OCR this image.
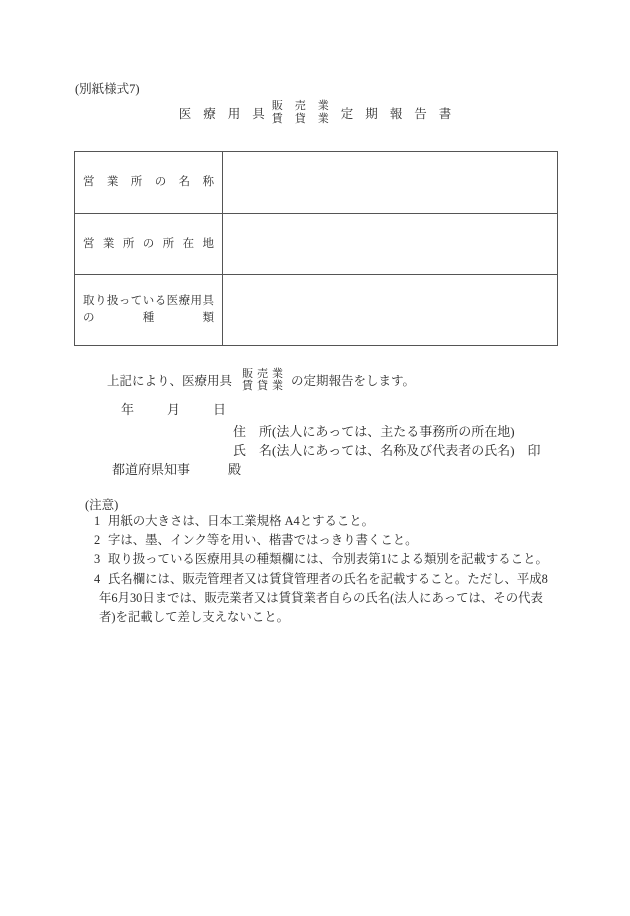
(別紙様式7)
医療用具
販売業
賃貸業 定期報告書
営業所の名称
営業所の所在地
取り扱っている医療用具
の種類
上記により、医療用具 販売業
賃貸業 の定期報告をします。
年	月	日
住　所(法人にあっては、主たる事務所の所在地)
氏　名(法人にあっては、名称及び代表者の氏名) 印
都道府県知事	殿
(注意)
1 用紙の大きさは、日本工業規格 A4とすること。
2 字は、墨、インク等を用い、楷書ではっきり書くこと。
3 取り扱っている医療用具の種類欄には、令別表第1による類別を記載すること。
4 氏名欄には、販売管理者又は賃貸管理者の氏名を記載すること。ただし、平成8年6月30日までは、販売業者又は賃貸業者自らの氏名(法人にあっては、その代表者)を記載して差し支えないこと。
